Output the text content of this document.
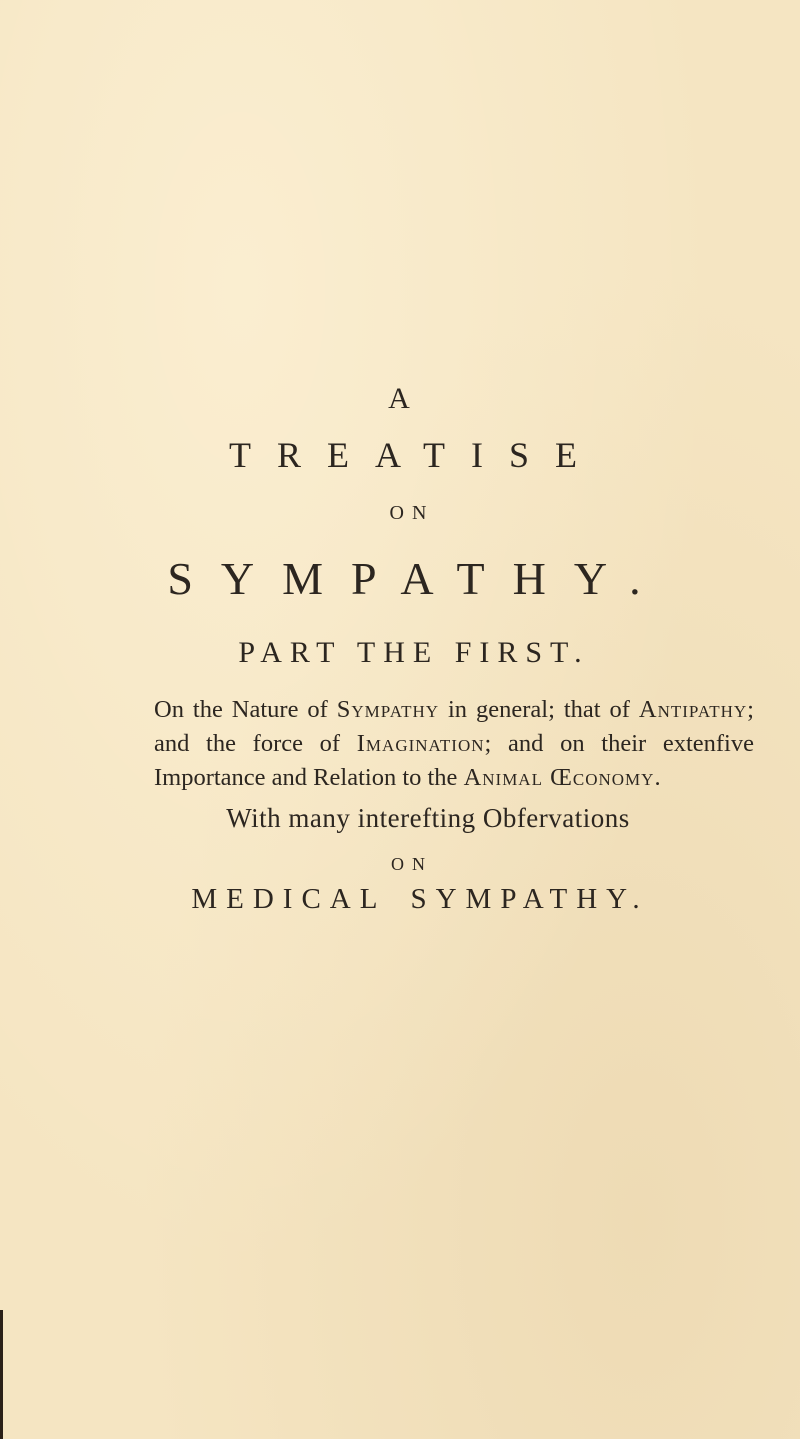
A
TREATISE
ON
SYMPATHY.
PART THE FIRST.
On the Nature of Sympathy in general; that of Antipathy; and the force of Imagination; and on their extenfive Importance and Relation to the Animal Œconomy.
With many interefting Obfervations
ON
MEDICAL SYMPATHY.
